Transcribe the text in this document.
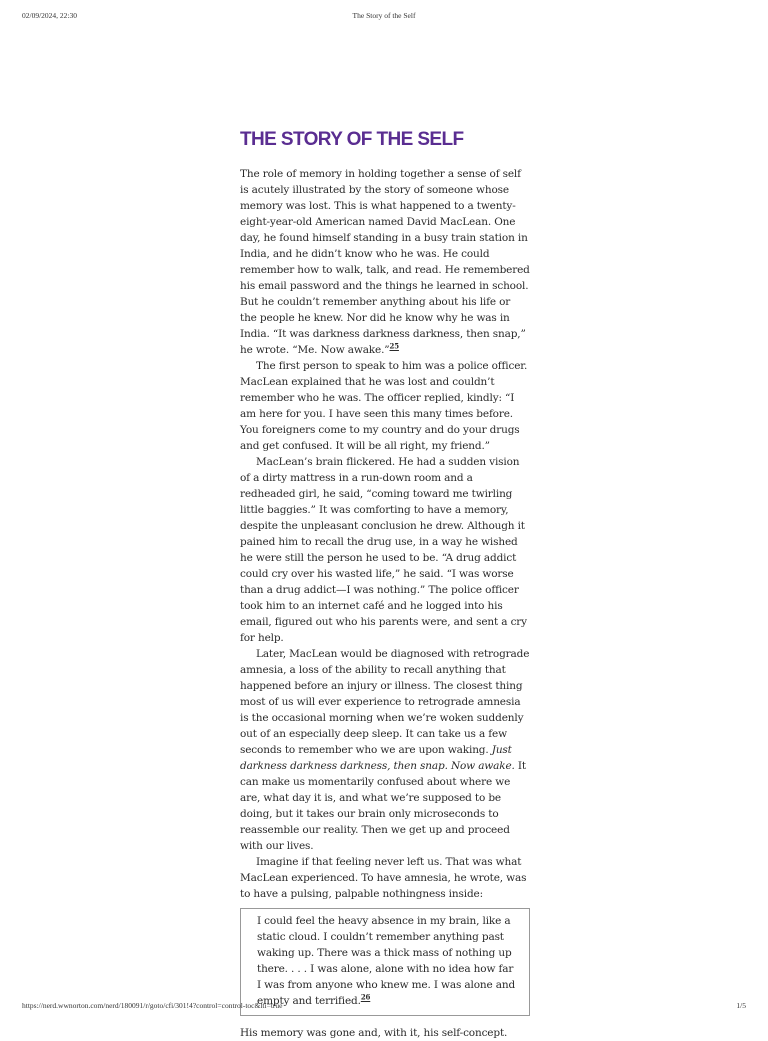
02/09/2024, 22:30	The Story of the Self
THE STORY OF THE SELF

The role of memory in holding together a sense of self is acutely illustrated by the story of someone whose memory was lost. This is what happened to a twenty-eight-year-old American named David MacLean. One day, he found himself standing in a busy train station in India, and he didn’t know who he was. He could remember how to walk, talk, and read. He remembered his email password and the things he learned in school. But he couldn’t remember anything about his life or the people he knew. Nor did he know why he was in India. “It was darkness darkness darkness, then snap,” he wrote. “Me. Now awake.”$^{25}$

The first person to speak to him was a police officer. MacLean explained that he was lost and couldn’t remember who he was. The officer replied, kindly: “I am here for you. I have seen this many times before. You foreigners come to my country and do your drugs and get confused. It will be all right, my friend.”

MacLean’s brain flickered. He had a sudden vision of a dirty mattress in a run-down room and a redheaded girl, he said, “coming toward me twirling little baggies.” It was comforting to have a memory, despite the unpleasant conclusion he drew. Although it pained him to recall the drug use, in a way he wished he were still the person he used to be. “A drug addict could cry over his wasted life,” he said. “I was worse than a drug addict—I was nothing.” The police officer took him to an internet café and he logged into his email, figured out who his parents were, and sent a cry for help.

Later, MacLean would be diagnosed with retrograde amnesia, a loss of the ability to recall anything that happened before an injury or illness. The closest thing most of us will ever experience to retrograde amnesia is the occasional morning when we’re woken suddenly out of an especially deep sleep. It can take us a few seconds to remember who we are upon waking. Just darkness darkness darkness, then snap. Now awake. It can make us momentarily confused about where we are, what day it is, and what we’re supposed to be doing, but it takes our brain only microseconds to reassemble our reality. Then we get up and proceed with our lives.

Imagine if that feeling never left us. That was what MacLean experienced. To have amnesia, he wrote, was to have a pulsing, palpable nothingness inside:

I could feel the heavy absence in my brain, like a static cloud. I couldn’t remember anything past waking up. There was a thick mass of nothing up there. . . . I was alone, alone with no idea how far I was from anyone who knew me. I was alone and empty and terrified.$^{26}$

His memory was gone and, with it, his self-concept.

https://nerd.wwnorton.com/nerd/180091/r/goto/cfi/301!4?control=control-toc&lti=true	1/5
